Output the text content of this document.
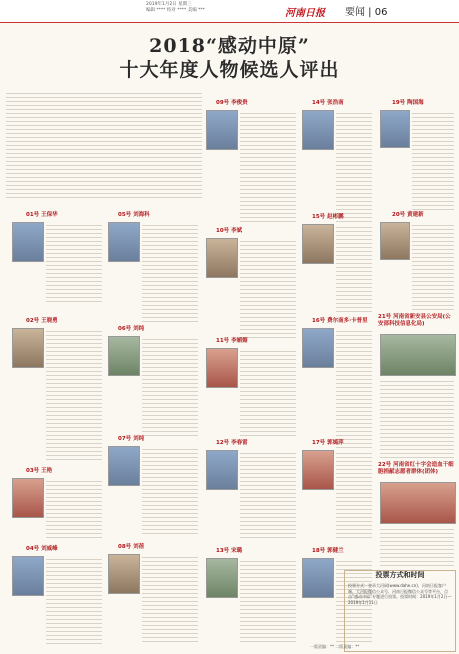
2019年1月2日 星期三
编辑 **** 校对 **** 美编 ***	河南日报 要闻 | 06
2018“感动中原”
十大年度人物候选人评出
01号 王保华
02号 王晓勇
03号 王艳
04号 刘威峰
05号 刘海科
06号 刘纯
07号 刘纯
08号 刘蓓
09号 李俊贵
10号 李斌
11号 李媚媚
12号 李春雷
13号 宋璐
14号 张浩南
15号 赵彬鹏
16号 费尔南多·卡普里
17号 郭嫣萍
18号 郭健兰
19号 陶国海
20号 黄建新
21号 河南省新安县公安局(公安部科技信息化局)
22号 河南省红十字会造血干细胞捐献志愿者群体(团体)
投票方式和时间
投票方式：登录大河网(www.dahe.cn)、河南日报客户端、大河报微信公众号、河南日报微信公众号等平台，点击“感动中原”专题进行投票。投票时间：2019年1月2日—2019年1月11日
一版责编：** 二版责编：**
